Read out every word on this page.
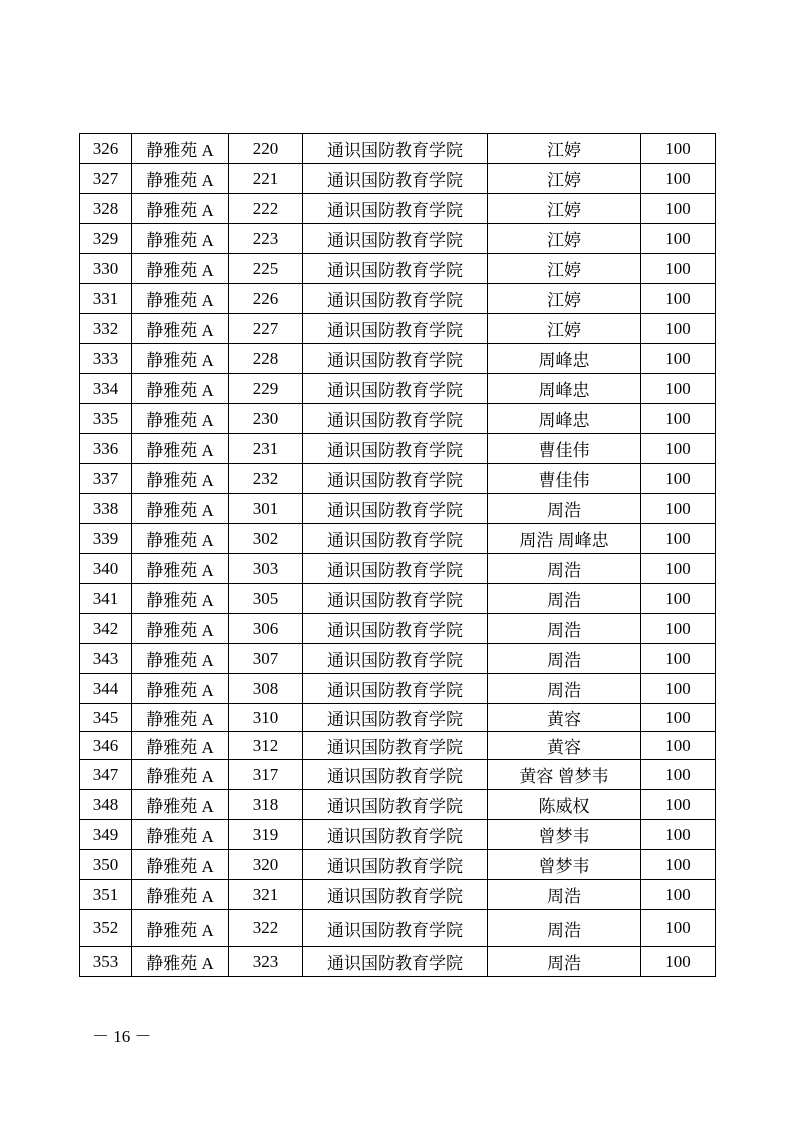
326	静雅苑 A	220	通识国防教育学院	江婷	100
327	静雅苑 A	221	通识国防教育学院	江婷	100
328	静雅苑 A	222	通识国防教育学院	江婷	100
329	静雅苑 A	223	通识国防教育学院	江婷	100
330	静雅苑 A	225	通识国防教育学院	江婷	100
331	静雅苑 A	226	通识国防教育学院	江婷	100
332	静雅苑 A	227	通识国防教育学院	江婷	100
333	静雅苑 A	228	通识国防教育学院	周峰忠	100
334	静雅苑 A	229	通识国防教育学院	周峰忠	100
335	静雅苑 A	230	通识国防教育学院	周峰忠	100
336	静雅苑 A	231	通识国防教育学院	曹佳伟	100
337	静雅苑 A	232	通识国防教育学院	曹佳伟	100
338	静雅苑 A	301	通识国防教育学院	周浩	100
339	静雅苑 A	302	通识国防教育学院	周浩 周峰忠	100
340	静雅苑 A	303	通识国防教育学院	周浩	100
341	静雅苑 A	305	通识国防教育学院	周浩	100
342	静雅苑 A	306	通识国防教育学院	周浩	100
343	静雅苑 A	307	通识国防教育学院	周浩	100
344	静雅苑 A	308	通识国防教育学院	周浩	100
345	静雅苑 A	310	通识国防教育学院	黄容	100
346	静雅苑 A	312	通识国防教育学院	黄容	100
347	静雅苑 A	317	通识国防教育学院	黄容 曾梦韦	100
348	静雅苑 A	318	通识国防教育学院	陈威权	100
349	静雅苑 A	319	通识国防教育学院	曾梦韦	100
350	静雅苑 A	320	通识国防教育学院	曾梦韦	100
351	静雅苑 A	321	通识国防教育学院	周浩	100
352	静雅苑 A	322	通识国防教育学院	周浩	100
353	静雅苑 A	323	通识国防教育学院	周浩	100
－ 16 －
